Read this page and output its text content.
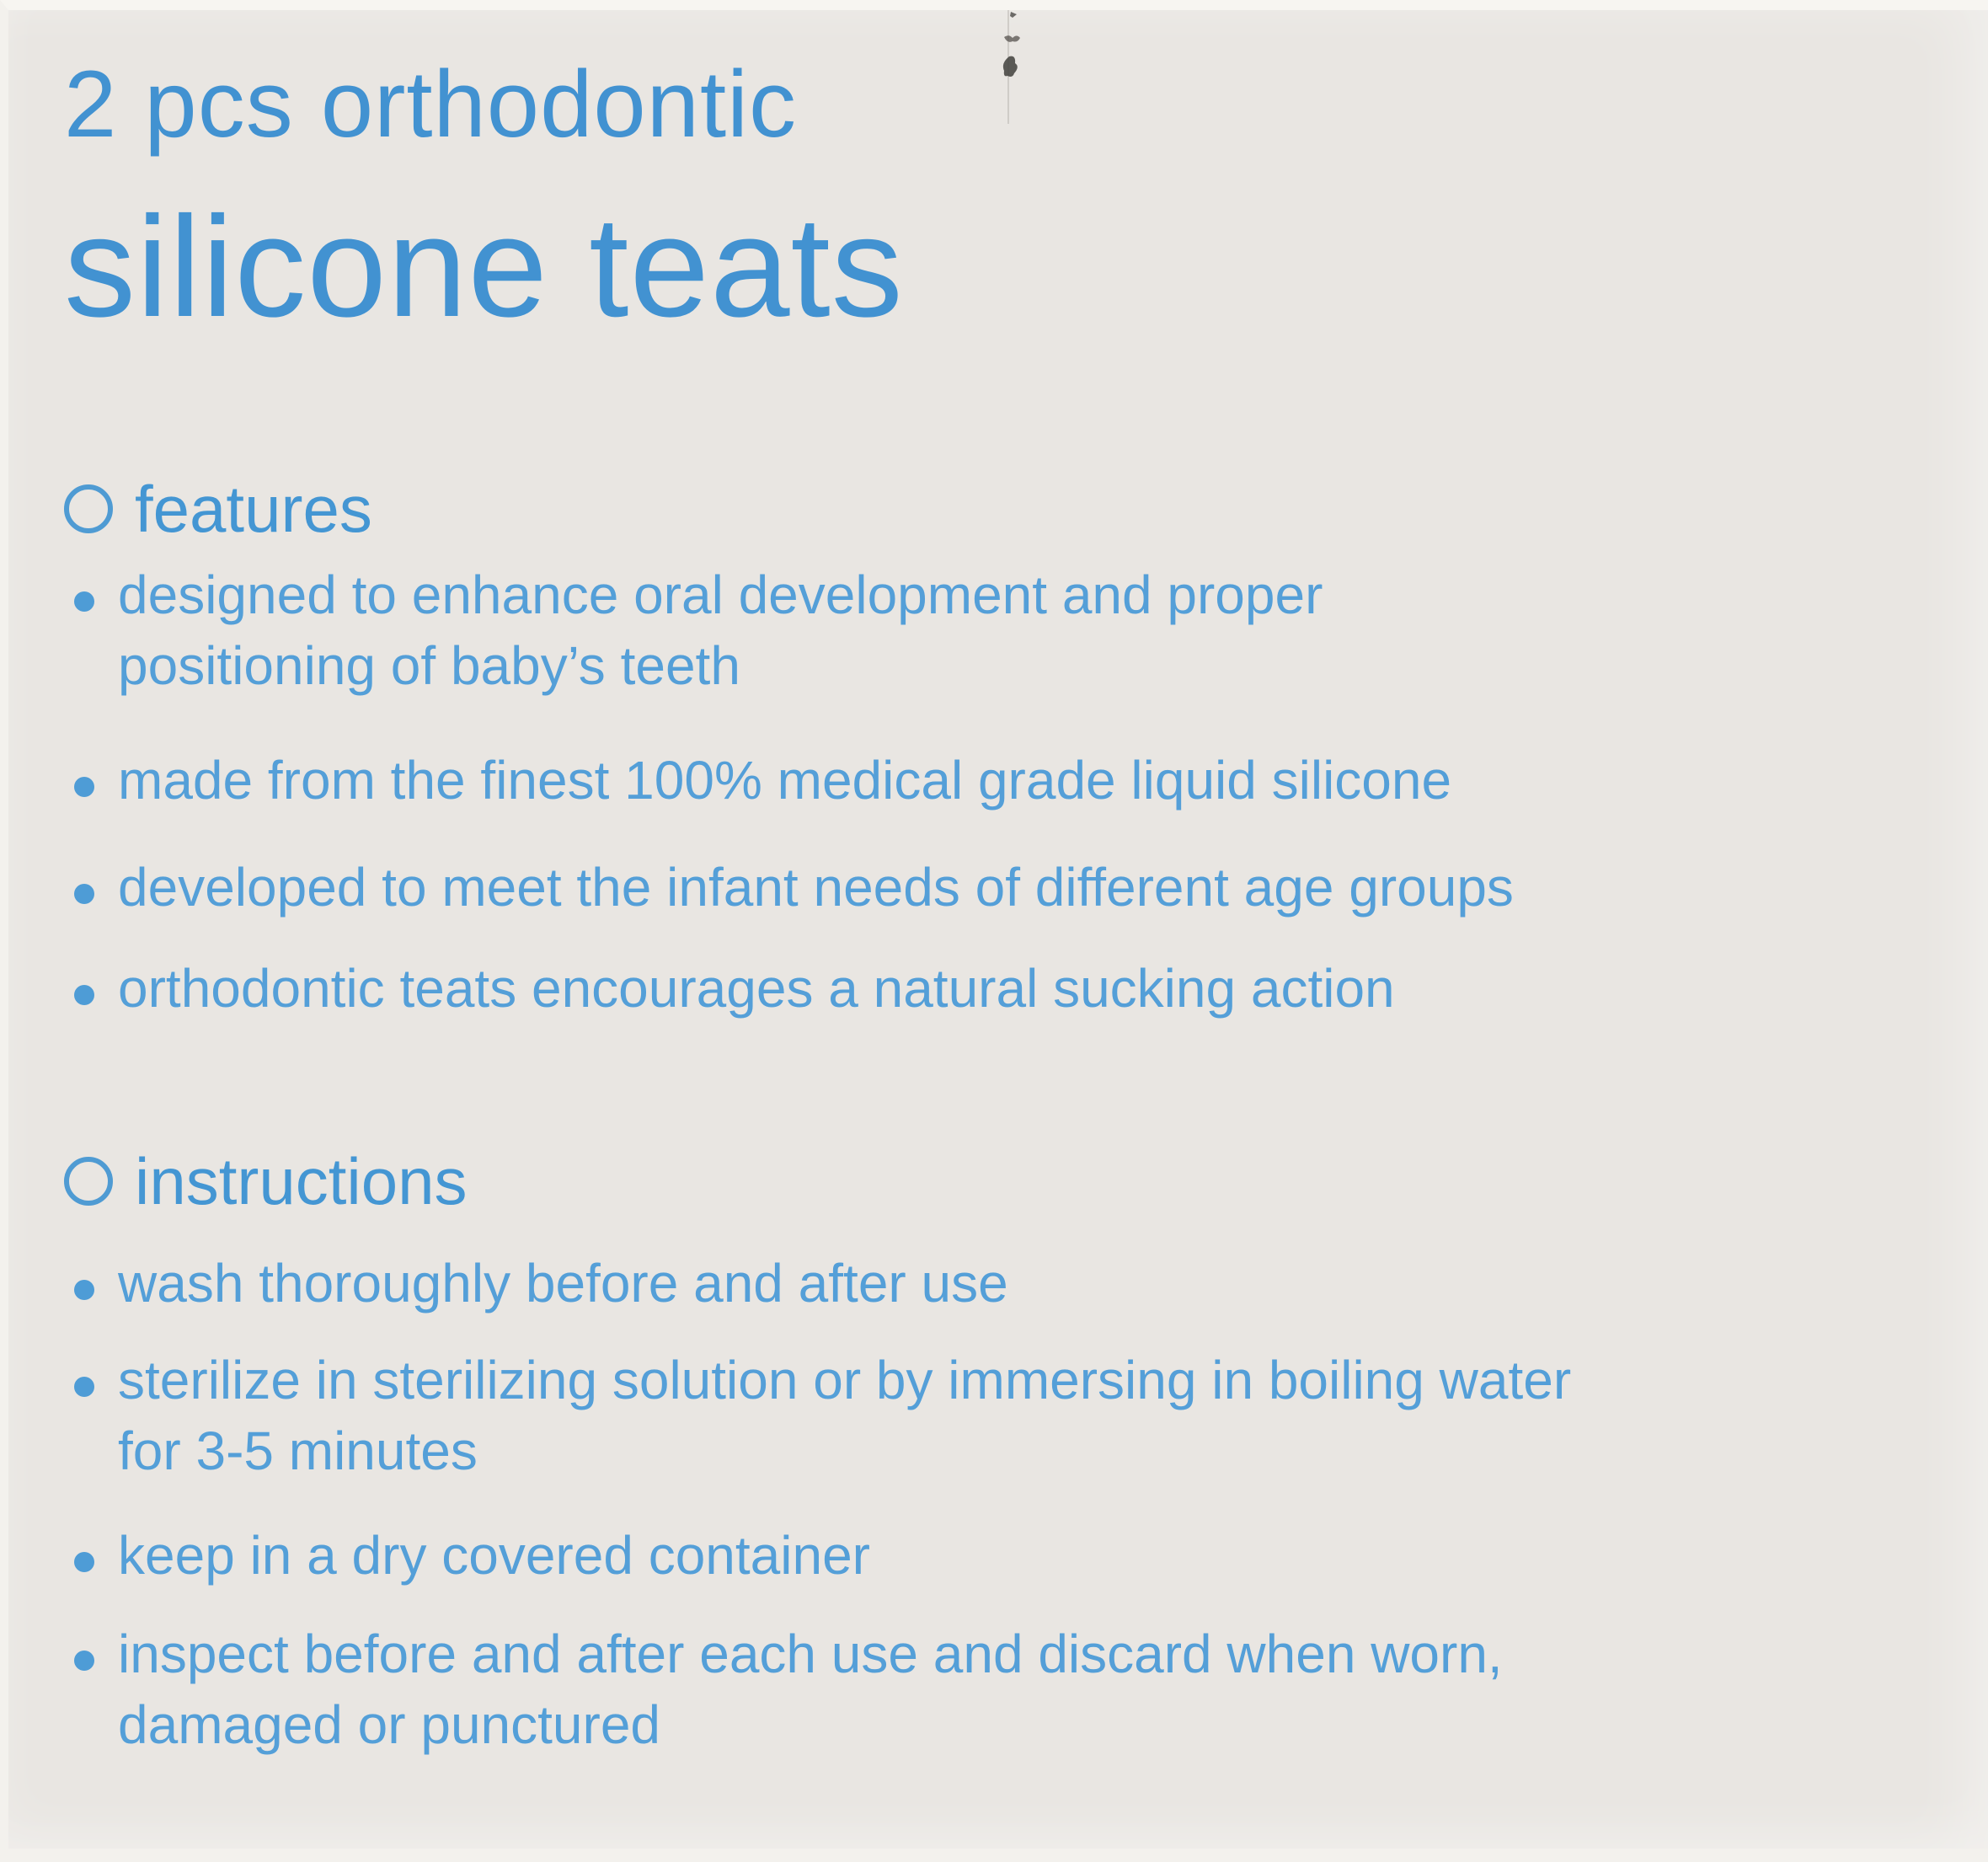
2 pcs orthodontic
silicone teats
features
designed to enhance oral development and proper
positioning of baby’s teeth
made from the finest 100% medical grade liquid silicone
developed to meet the infant needs of different age groups
orthodontic teats encourages a natural sucking action
instructions
wash thoroughly before and after use
sterilize in sterilizing solution or by immersing in boiling water
for 3-5 minutes
keep in a dry covered container
inspect before and after each use and discard when worn,
damaged or punctured
